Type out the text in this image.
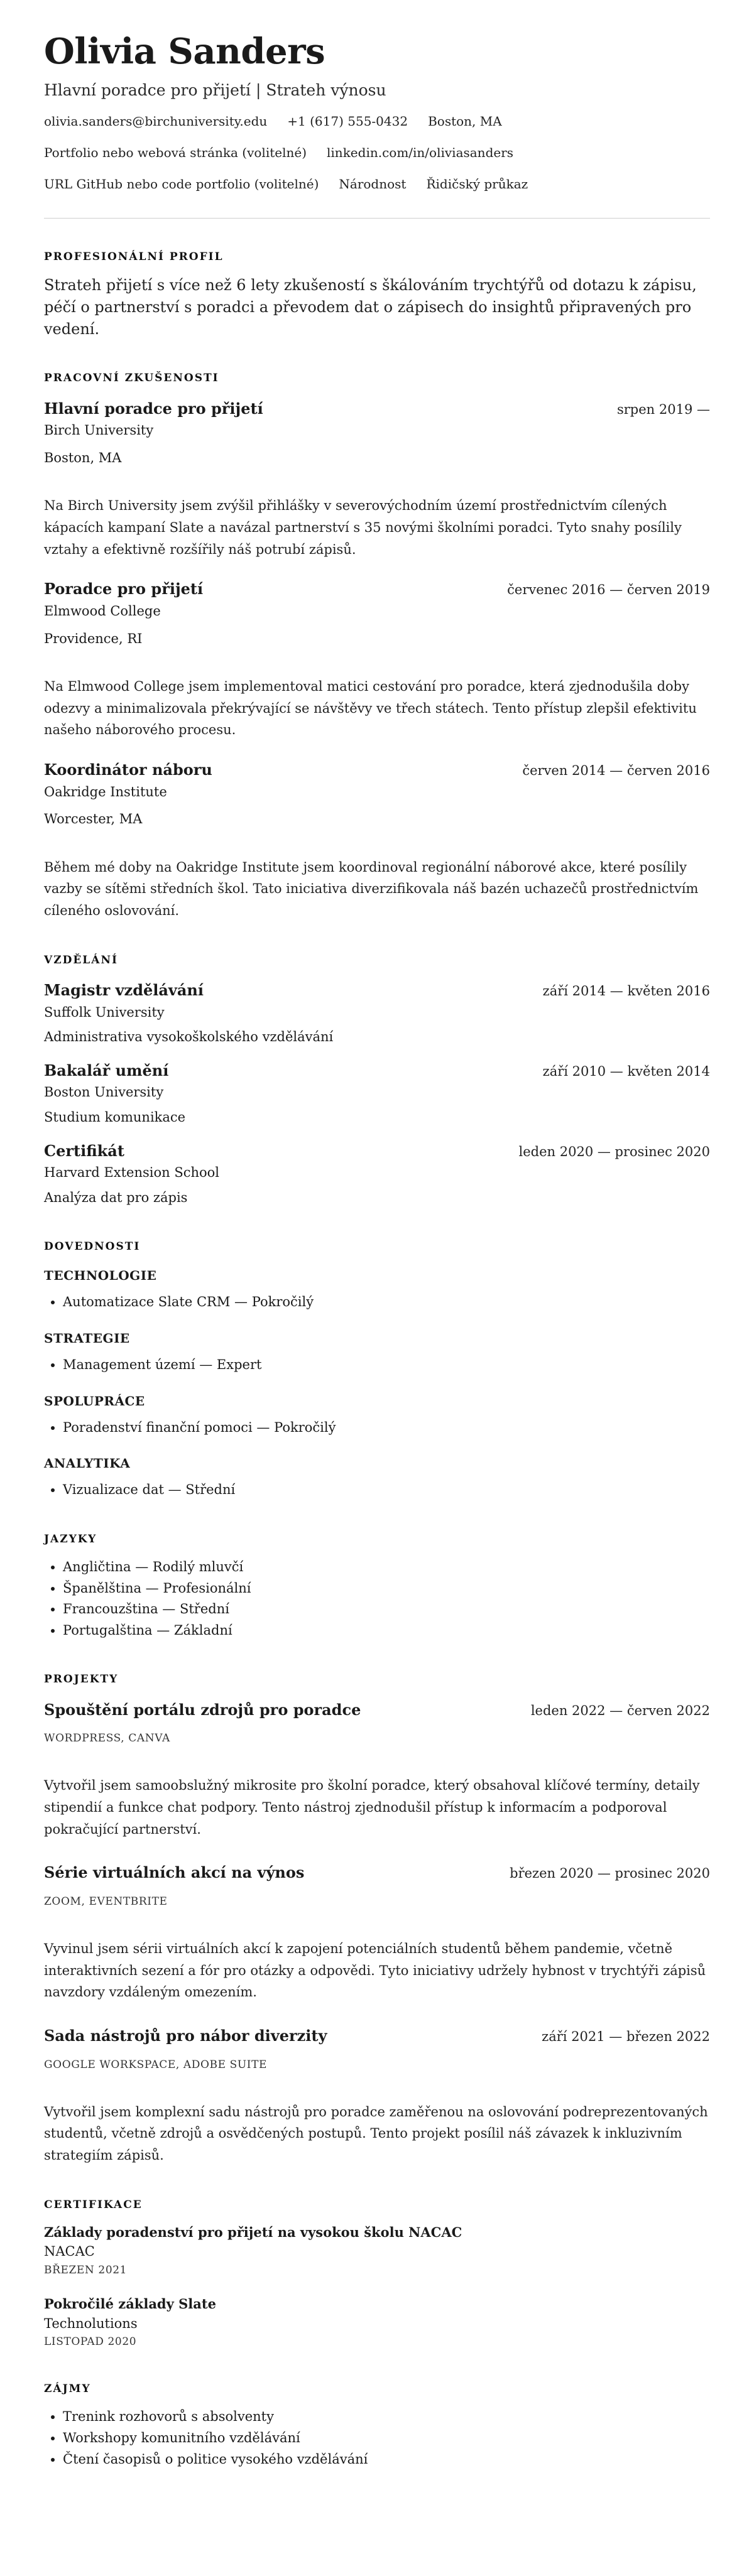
Olivia Sanders
Hlavní poradce pro přijetí | Strateh výnosu
olivia.sanders@birchuniversity.edu +1 (617) 555-0432 Boston, MA
Portfolio nebo webová stránka (volitelné) linkedin.com/in/oliviasanders
URL GitHub nebo code portfolio (volitelné) Národnost Řidičský průkaz
PROFESIONÁLNÍ PROFIL

Strateh přijetí s více než 6 lety zkušeností s škálováním trychtýřů od dotazu k zápisu, péčí o partnerství s poradci a převodem dat o zápisech do insightů připravených pro vedení.

PRACOVNÍ ZKUŠENOSTI
Hlavní poradce pro přijetí	srpen 2019 —
Birch University
Boston, MA

Na Birch University jsem zvýšil přihlášky v severovýchodním území prostřednictvím cílených kápacích kampaní Slate a navázal partnerství s 35 novými školními poradci. Tyto snahy posílily vztahy a efektivně rozšířily náš potrubí zápisů.

Poradce pro přijetí	červenec 2016 — červen 2019
Elmwood College
Providence, RI

Na Elmwood College jsem implementoval matici cestování pro poradce, která zjednodušila doby odezvy a minimalizovala překrývající se návštěvy ve třech státech. Tento přístup zlepšil efektivitu našeho náborového procesu.

Koordinátor náboru	červen 2014 — červen 2016
Oakridge Institute
Worcester, MA

Během mé doby na Oakridge Institute jsem koordinoval regionální náborové akce, které posílily vazby se sítěmi středních škol. Tato iniciativa diverzifikovala náš bazén uchazečů prostřednictvím cíleného oslovování.

VZDĚLÁNÍ
Magistr vzdělávání	září 2014 — květen 2016
Suffolk University
Administrativa vysokoškolského vzdělávání
Bakalář umění	září 2010 — květen 2014
Boston University
Studium komunikace
Certifikát	leden 2020 — prosinec 2020
Harvard Extension School
Analýza dat pro zápis
DOVEDNOSTI
TECHNOLOGIE
• Automatizace Slate CRM — Pokročilý
STRATEGIE
• Management území — Expert
SPOLUPRÁCE
• Poradenství finanční pomoci — Pokročilý
ANALYTIKA
• Vizualizace dat — Střední
JAZYKY
• Angličtina — Rodilý mluvčí
• Španělština — Profesionální
• Francouzština — Střední
• Portugalština — Základní
PROJEKTY
Spouštění portálu zdrojů pro poradce	leden 2022 — červen 2022
WORDPRESS, CANVA

Vytvořil jsem samoobslužný mikrosite pro školní poradce, který obsahoval klíčové termíny, detaily stipendií a funkce chat podpory. Tento nástroj zjednodušil přístup k informacím a podporoval pokračující partnerství.

Série virtuálních akcí na výnos	březen 2020 — prosinec 2020
ZOOM, EVENTBRITE

Vyvinul jsem sérii virtuálních akcí k zapojení potenciálních studentů během pandemie, včetně interaktivních sezení a fór pro otázky a odpovědi. Tyto iniciativy udržely hybnost v trychtýři zápisů navzdory vzdáleným omezením.

Sada nástrojů pro nábor diverzity	září 2021 — březen 2022
GOOGLE WORKSPACE, ADOBE SUITE

Vytvořil jsem komplexní sadu nástrojů pro poradce zaměřenou na oslovování podreprezentovaných studentů, včetně zdrojů a osvědčených postupů. Tento projekt posílil náš závazek k inkluzivním strategiím zápisů.

CERTIFIKACE
Základy poradenství pro přijetí na vysokou školu NACAC
NACAC
BŘEZEN 2021
Pokročilé základy Slate
Technolutions
LISTOPAD 2020
ZÁJMY
• Trenink rozhovorů s absolventy
• Workshopy komunitního vzdělávání
• Čtení časopisů o politice vysokého vzdělávání
